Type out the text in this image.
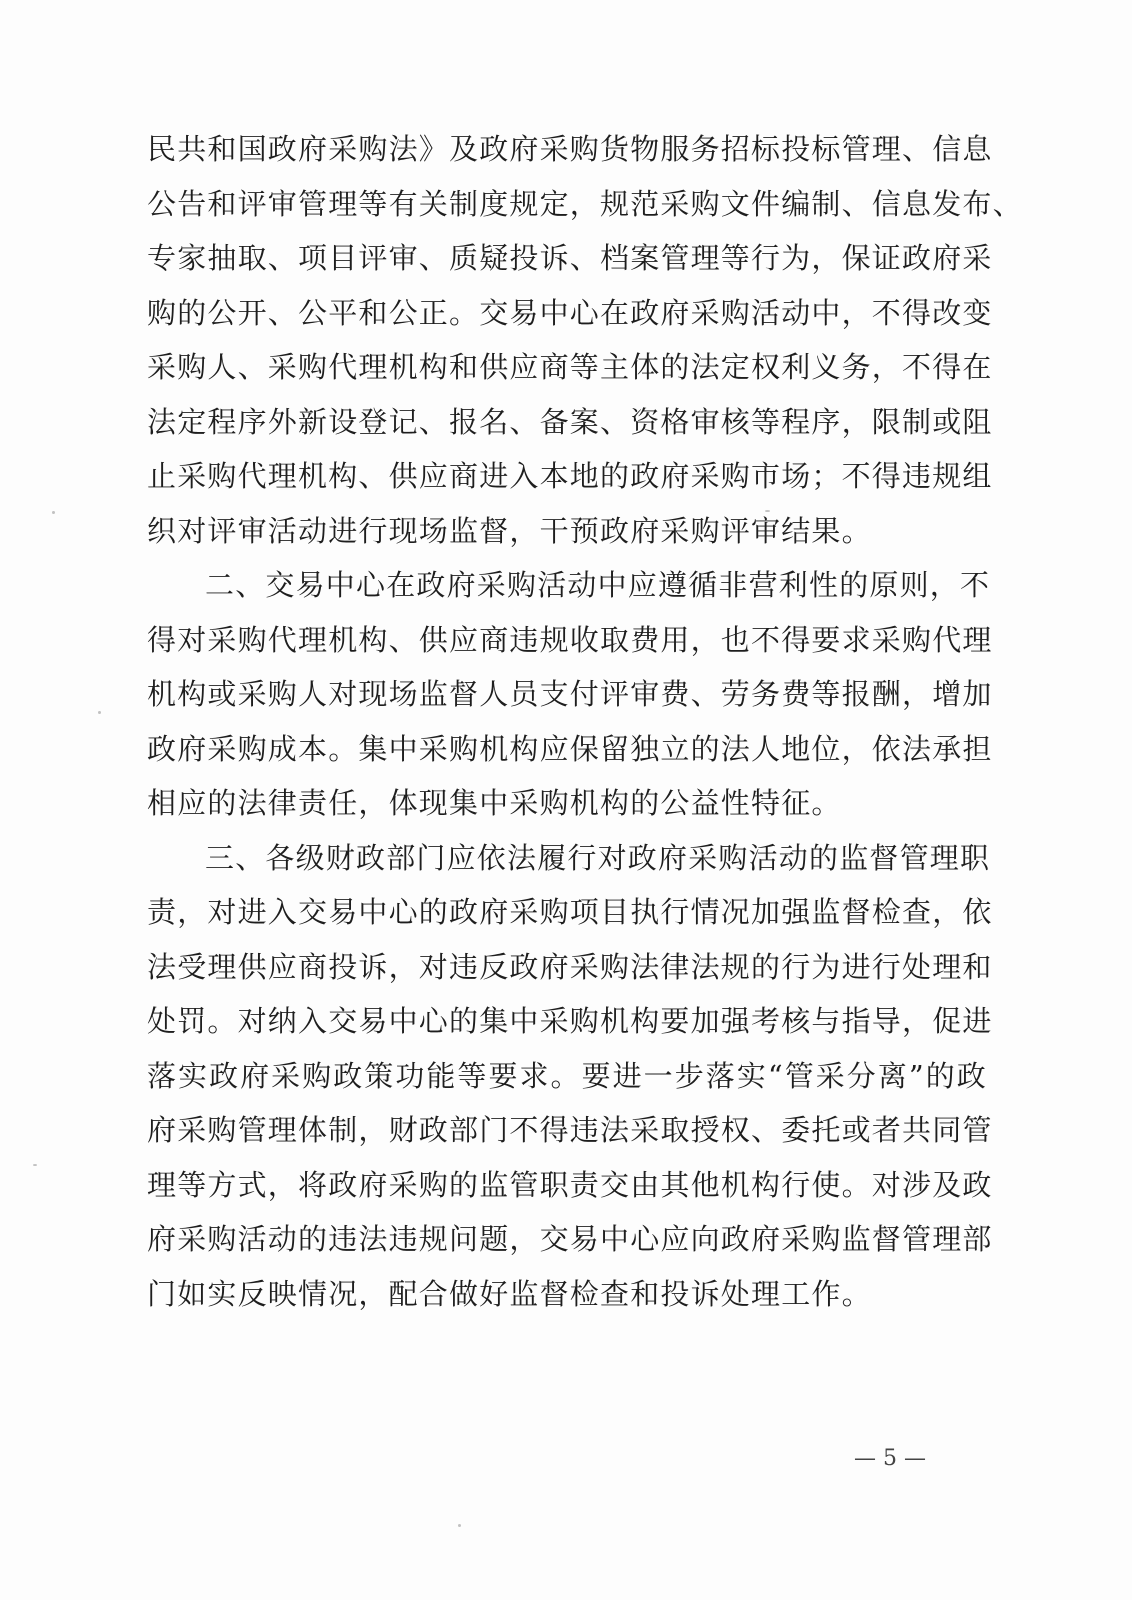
民共和国政府采购法》及政府采购货物服务招标投标管理、信息
公告和评审管理等有关制度规定，规范采购文件编制、信息发布、
专家抽取、项目评审、质疑投诉、档案管理等行为，保证政府采
购的公开、公平和公正。交易中心在政府采购活动中，不得改变
采购人、采购代理机构和供应商等主体的法定权利义务，不得在
法定程序外新设登记、报名、备案、资格审核等程序，限制或阻
止采购代理机构、供应商进入本地的政府采购市场；不得违规组
织对评审活动进行现场监督，干预政府采购评审结果。
二、交易中心在政府采购活动中应遵循非营利性的原则，不
得对采购代理机构、供应商违规收取费用，也不得要求采购代理
机构或采购人对现场监督人员支付评审费、劳务费等报酬，增加
政府采购成本。集中采购机构应保留独立的法人地位，依法承担
相应的法律责任，体现集中采购机构的公益性特征。
三、各级财政部门应依法履行对政府采购活动的监督管理职
责，对进入交易中心的政府采购项目执行情况加强监督检查，依
法受理供应商投诉，对违反政府采购法律法规的行为进行处理和
处罚。对纳入交易中心的集中采购机构要加强考核与指导，促进
落实政府采购政策功能等要求。要进一步落实“管采分离”的政
府采购管理体制，财政部门不得违法采取授权、委托或者共同管
理等方式，将政府采购的监管职责交由其他机构行使。对涉及政
府采购活动的违法违规问题，交易中心应向政府采购监督管理部
门如实反映情况，配合做好监督检查和投诉处理工作。
— 5 —
